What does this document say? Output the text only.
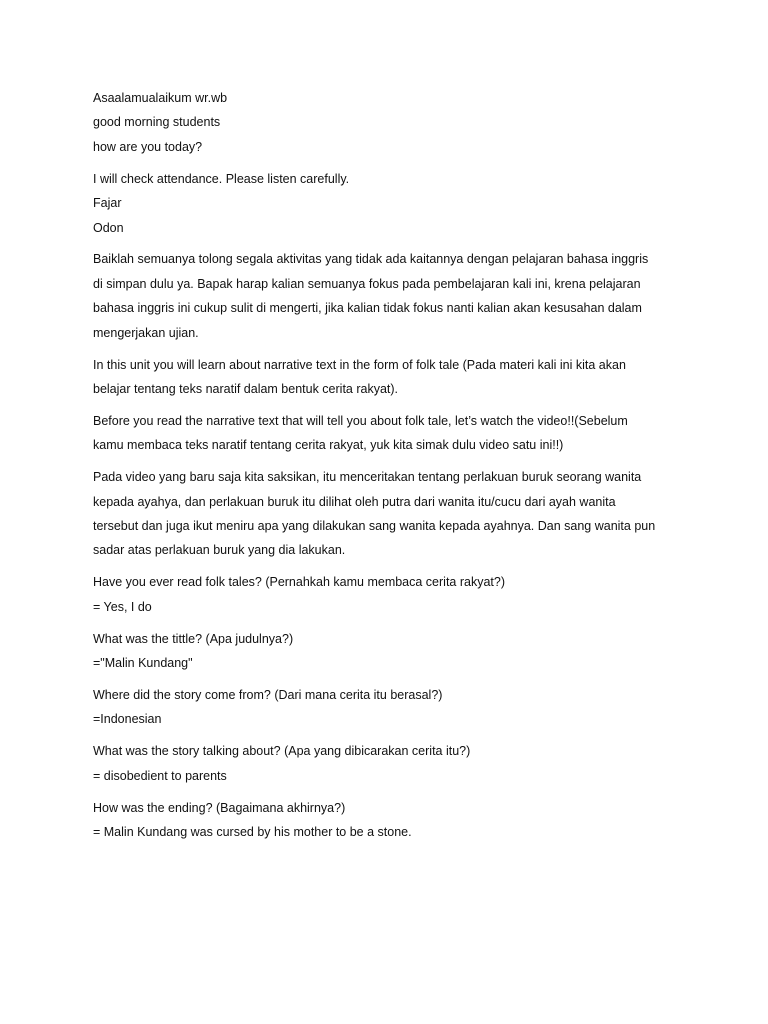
Asaalamualaikum wr.wb
good morning students
how are you today?
I will check attendance. Please listen carefully.
Fajar
Odon
Baiklah semuanya tolong segala aktivitas yang tidak ada kaitannya dengan pelajaran bahasa inggris
di simpan dulu ya. Bapak harap kalian semuanya fokus pada pembelajaran kali ini, krena pelajaran
bahasa inggris ini cukup sulit di mengerti, jika kalian tidak fokus nanti kalian akan kesusahan dalam
mengerjakan ujian.
In this unit you will learn about narrative text in the form of folk tale (Pada materi kali ini kita akan
belajar tentang teks naratif dalam bentuk cerita rakyat).
Before you read the narrative text that will tell you about folk tale, let’s watch the video!!(Sebelum
kamu membaca teks naratif tentang cerita rakyat, yuk kita simak dulu video satu ini!!)
Pada video yang baru saja kita saksikan, itu menceritakan tentang perlakuan buruk seorang wanita
kepada ayahya, dan perlakuan buruk itu dilihat oleh putra dari wanita itu/cucu dari ayah wanita
tersebut dan juga ikut meniru apa yang dilakukan sang wanita kepada ayahnya. Dan sang wanita pun
sadar atas perlakuan buruk yang dia lakukan.
Have you ever read folk tales? (Pernahkah kamu membaca cerita rakyat?)
= Yes, I do
What was the tittle? (Apa judulnya?)
="Malin Kundang"
Where did the story come from? (Dari mana cerita itu berasal?)
=Indonesian
What was the story talking about? (Apa yang dibicarakan cerita itu?)
= disobedient to parents
How was the ending? (Bagaimana akhirnya?)
= Malin Kundang was cursed by his mother to be a stone.
